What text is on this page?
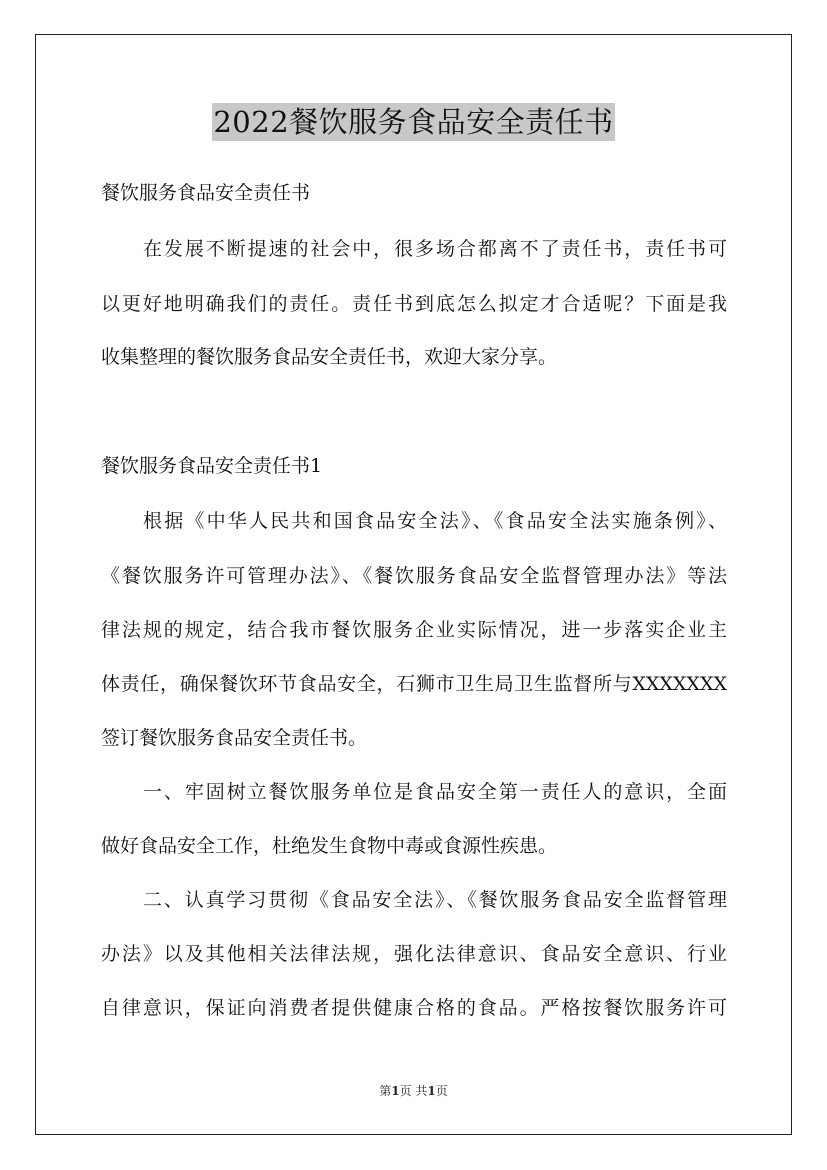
2022餐饮服务食品安全责任书
餐饮服务食品安全责任书
在发展不断提速的社会中，很多场合都离不了责任书，责任书可
以更好地明确我们的责任。责任书到底怎么拟定才合适呢？下面是我
收集整理的餐饮服务食品安全责任书，欢迎大家分享。
餐饮服务食品安全责任书1
根据《中华人民共和国食品安全法》、《食品安全法实施条例》、
《餐饮服务许可管理办法》、《餐饮服务食品安全监督管理办法》等法
律法规的规定，结合我市餐饮服务企业实际情况，进一步落实企业主
体责任，确保餐饮环节食品安全，石狮市卫生局卫生监督所与XXXXXXX
签订餐饮服务食品安全责任书。
一、牢固树立餐饮服务单位是食品安全第一责任人的意识，全面
做好食品安全工作，杜绝发生食物中毒或食源性疾患。
二、认真学习贯彻《食品安全法》、《餐饮服务食品安全监督管理
办法》以及其他相关法律法规，强化法律意识、食品安全意识、行业
自律意识，保证向消费者提供健康合格的食品。严格按餐饮服务许可
第1页 共1页
